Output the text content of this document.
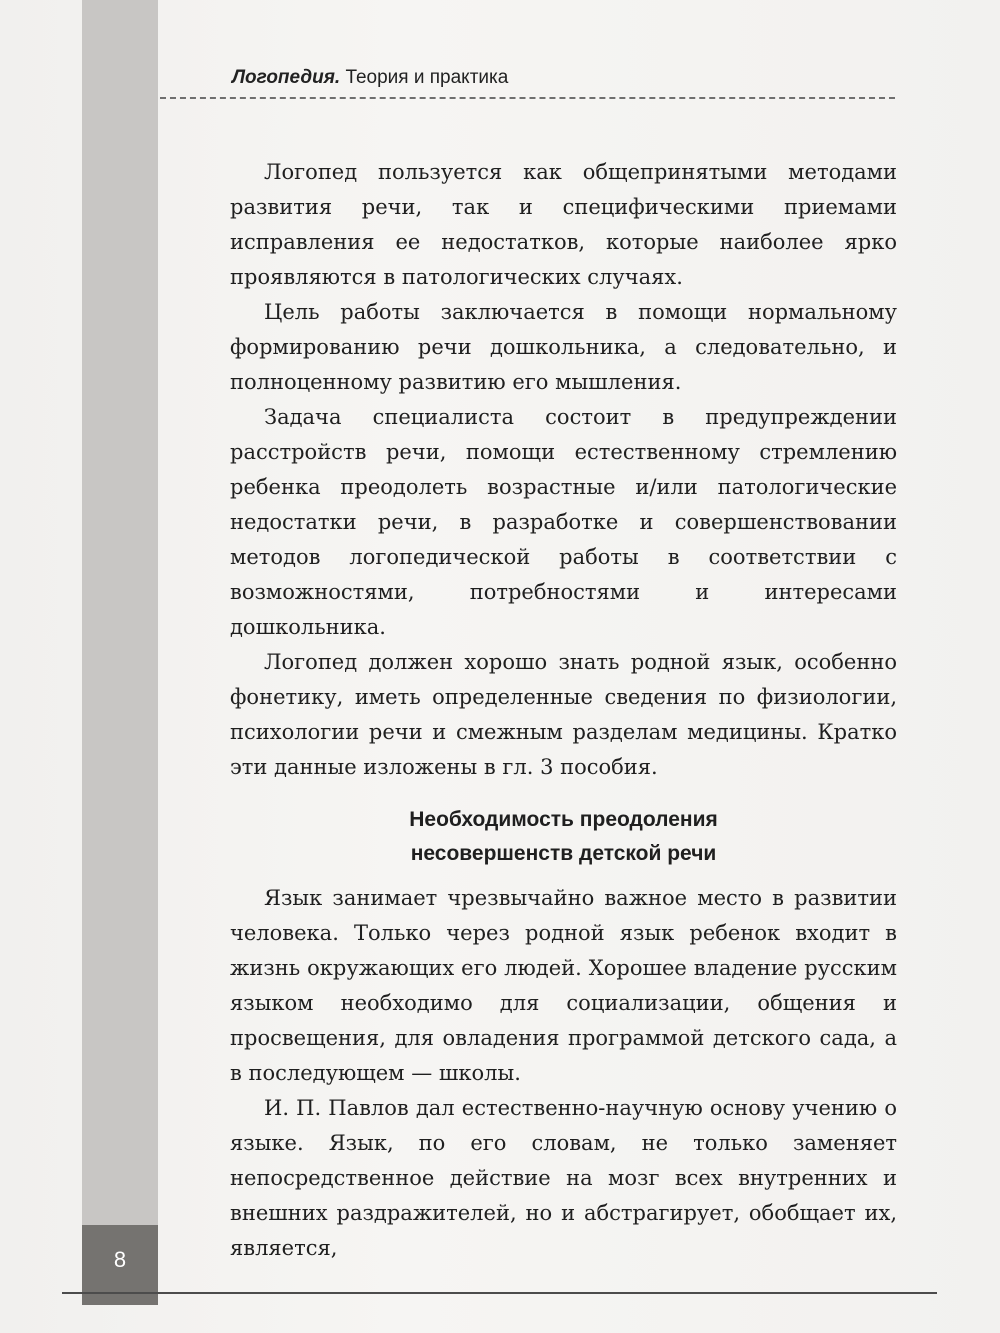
8
Логопедия. Теория и практика

Логопед пользуется как общепринятыми методами развития речи, так и специфическими приемами исправления ее недостатков, которые наиболее ярко проявляются в патологических случаях.

Цель работы заключается в помощи нормальному формированию речи дошкольника, а следовательно, и полноценному развитию его мышления.

Задача специалиста состоит в предупреждении расстройств речи, помощи естественному стремлению ребенка преодолеть возрастные и/или патологические недостатки речи, в разработке и совершенствовании методов логопедической работы в соответствии с возможностями, потребностями и интересами дошкольника.

Логопед должен хорошо знать родной язык, особенно фонетику, иметь определенные сведения по физиологии, психологии речи и смежным разделам медицины. Кратко эти данные изложены в гл. 3 пособия.

Необходимость преодоления
несовершенств детской речи

Язык занимает чрезвычайно важное место в развитии человека. Только через родной язык ребенок входит в жизнь окружающих его людей. Хорошее владение русским языком необходимо для социализации, общения и просвещения, для овладения программой детского сада, а в последующем — школы.

И. П. Павлов дал естественно-научную основу учению о языке. Язык, по его словам, не только заменяет непосредственное действие на мозг всех внутренних и внешних раздражителей, но и абстрагирует, обобщает их, является,
